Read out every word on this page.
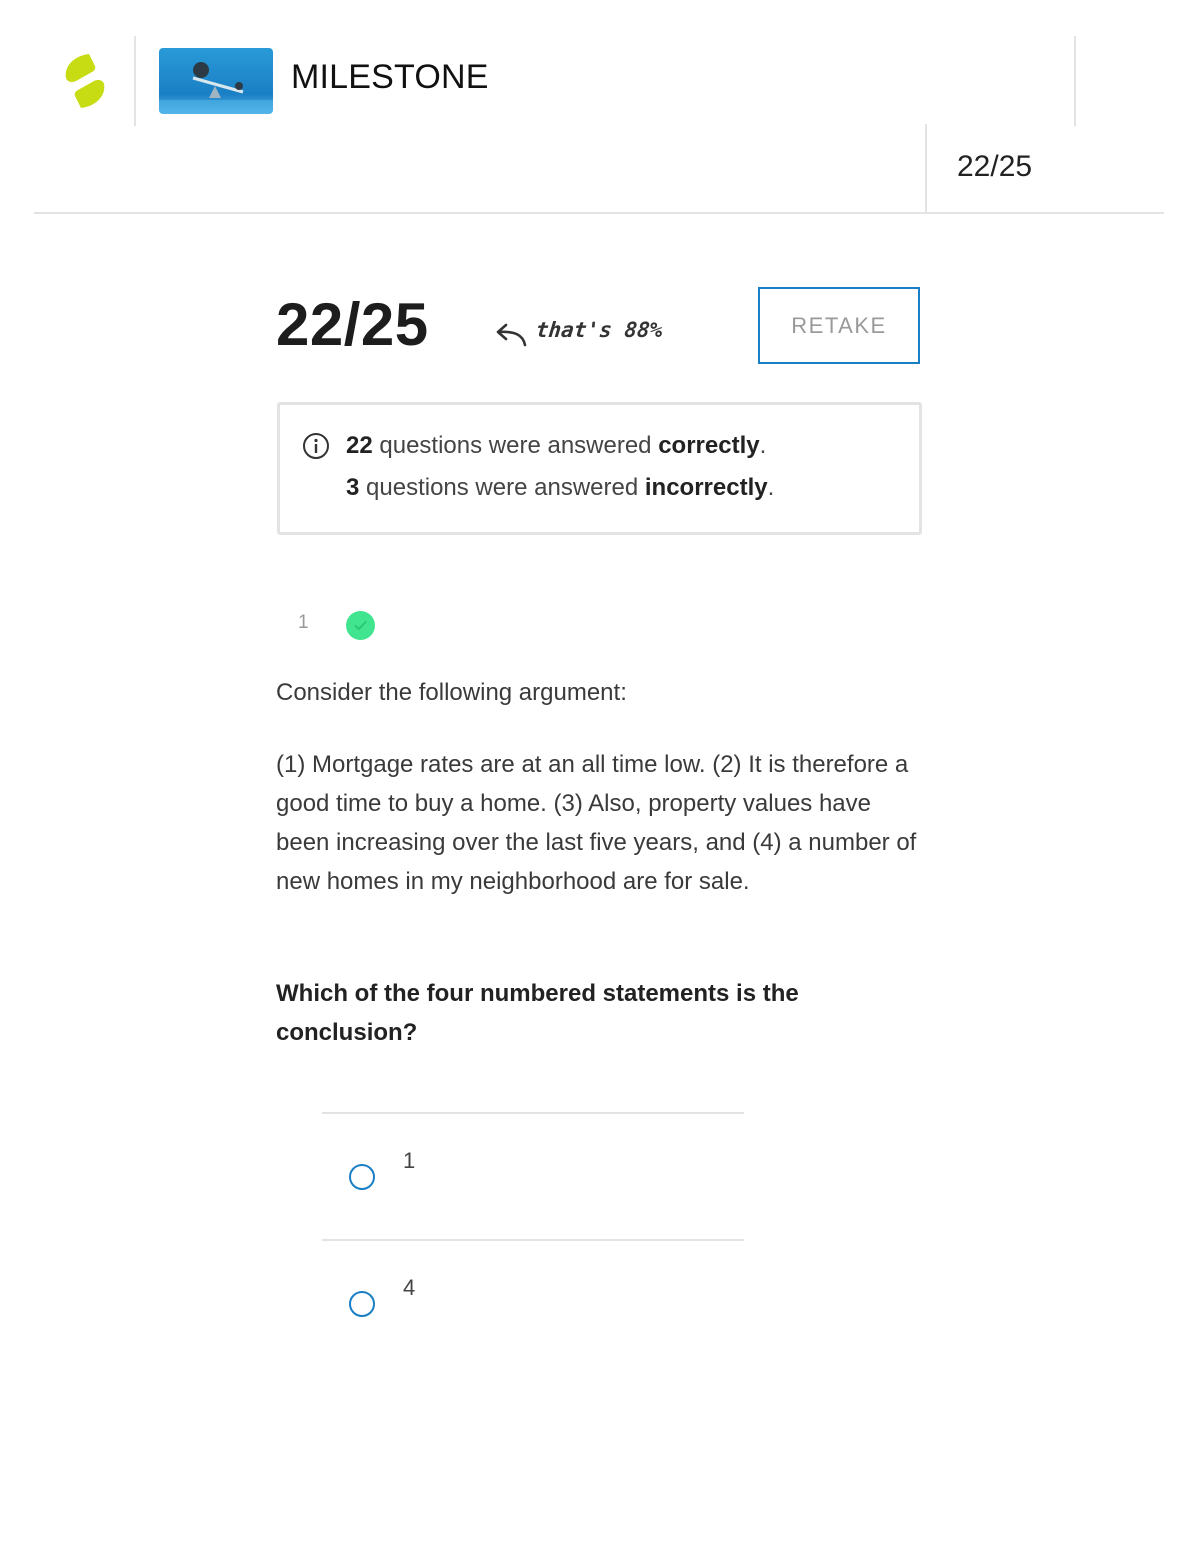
MILESTONE
22/25
22/25	that's 88%	RETAKE
22 questions were answered correctly.
3 questions were answered incorrectly.
1

Consider the following argument:

(1) Mortgage rates are at an all time low. (2) It is therefore a good time to buy a home. (3) Also, property values have been increasing over the last five years, and (4) a number of new homes in my neighborhood are for sale.

Which of the four numbered statements is the conclusion?

1
4
